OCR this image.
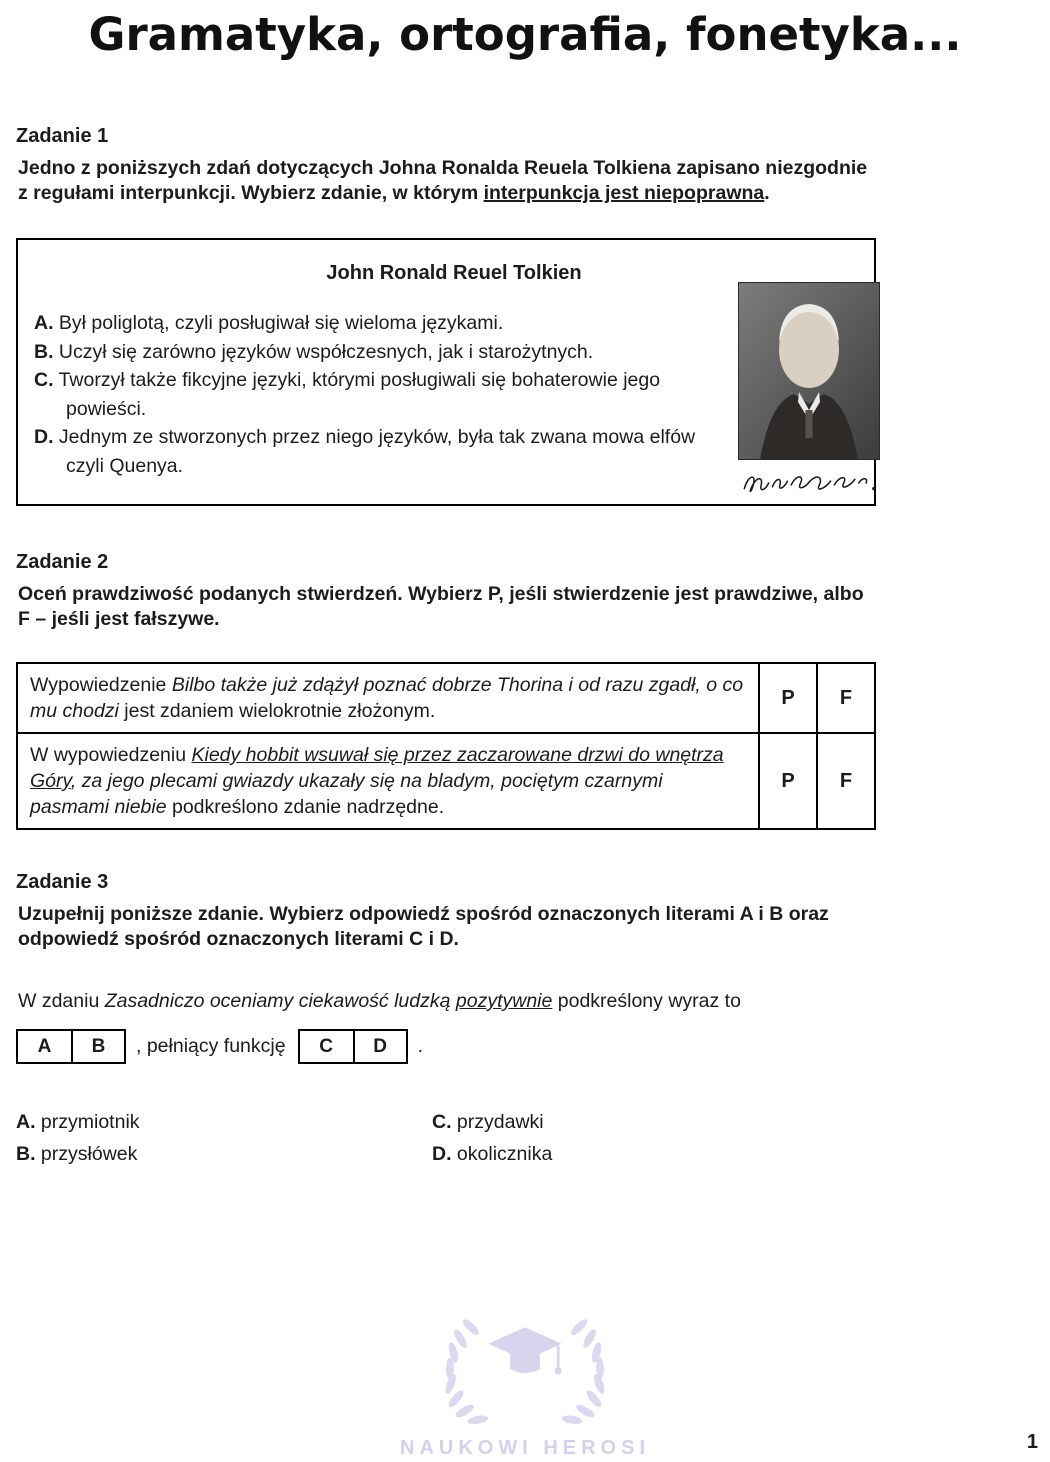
Gramatyka, ortografia, fonetyka...
Zadanie 1

Jedno z poniższych zdań dotyczących Johna Ronalda Reuela Tolkiena zapisano niezgodnie z regułami interpunkcji. Wybierz zdanie, w którym interpunkcja jest niepoprawna.

John Ronald Reuel Tolkien
A. Był poliglotą, czyli posługiwał się wieloma językami.
B. Uczył się zarówno języków współczesnych, jak i starożytnych.
C. Tworzył także fikcyjne języki, którymi posługiwali się bohaterowie jego powieści.
D. Jednym ze stworzonych przez niego języków, była tak zwana mowa elfów czyli Quenya.
Zadanie 2

Oceń prawdziwość podanych stwierdzeń. Wybierz P, jeśli stwierdzenie jest prawdziwe, albo F – jeśli jest fałszywe.

Wypowiedzenie Bilbo także już zdążył poznać dobrze Thorina i od razu zgadł, o co mu chodzi jest zdaniem wielokrotnie złożonym.	P	F
W wypowiedzeniu Kiedy hobbit wsuwał się przez zaczarowane drzwi do wnętrza Góry, za jego plecami gwiazdy ukazały się na bladym, pociętym czarnymi pasmami niebie podkreślono zdanie nadrzędne.	P	F
Zadanie 3

Uzupełnij poniższe zdanie. Wybierz odpowiedź spośród oznaczonych literami A i B oraz odpowiedź spośród oznaczonych literami C i D.

W zdaniu Zasadniczo oceniamy ciekawość ludzką pozytywnie podkreślony wyraz to

A	B	, pełniący funkcję	C	D	.
A. przymiotnik
B. przysłówek
C. przydawki
D. okolicznika
NAUKOWI HEROSI	1
